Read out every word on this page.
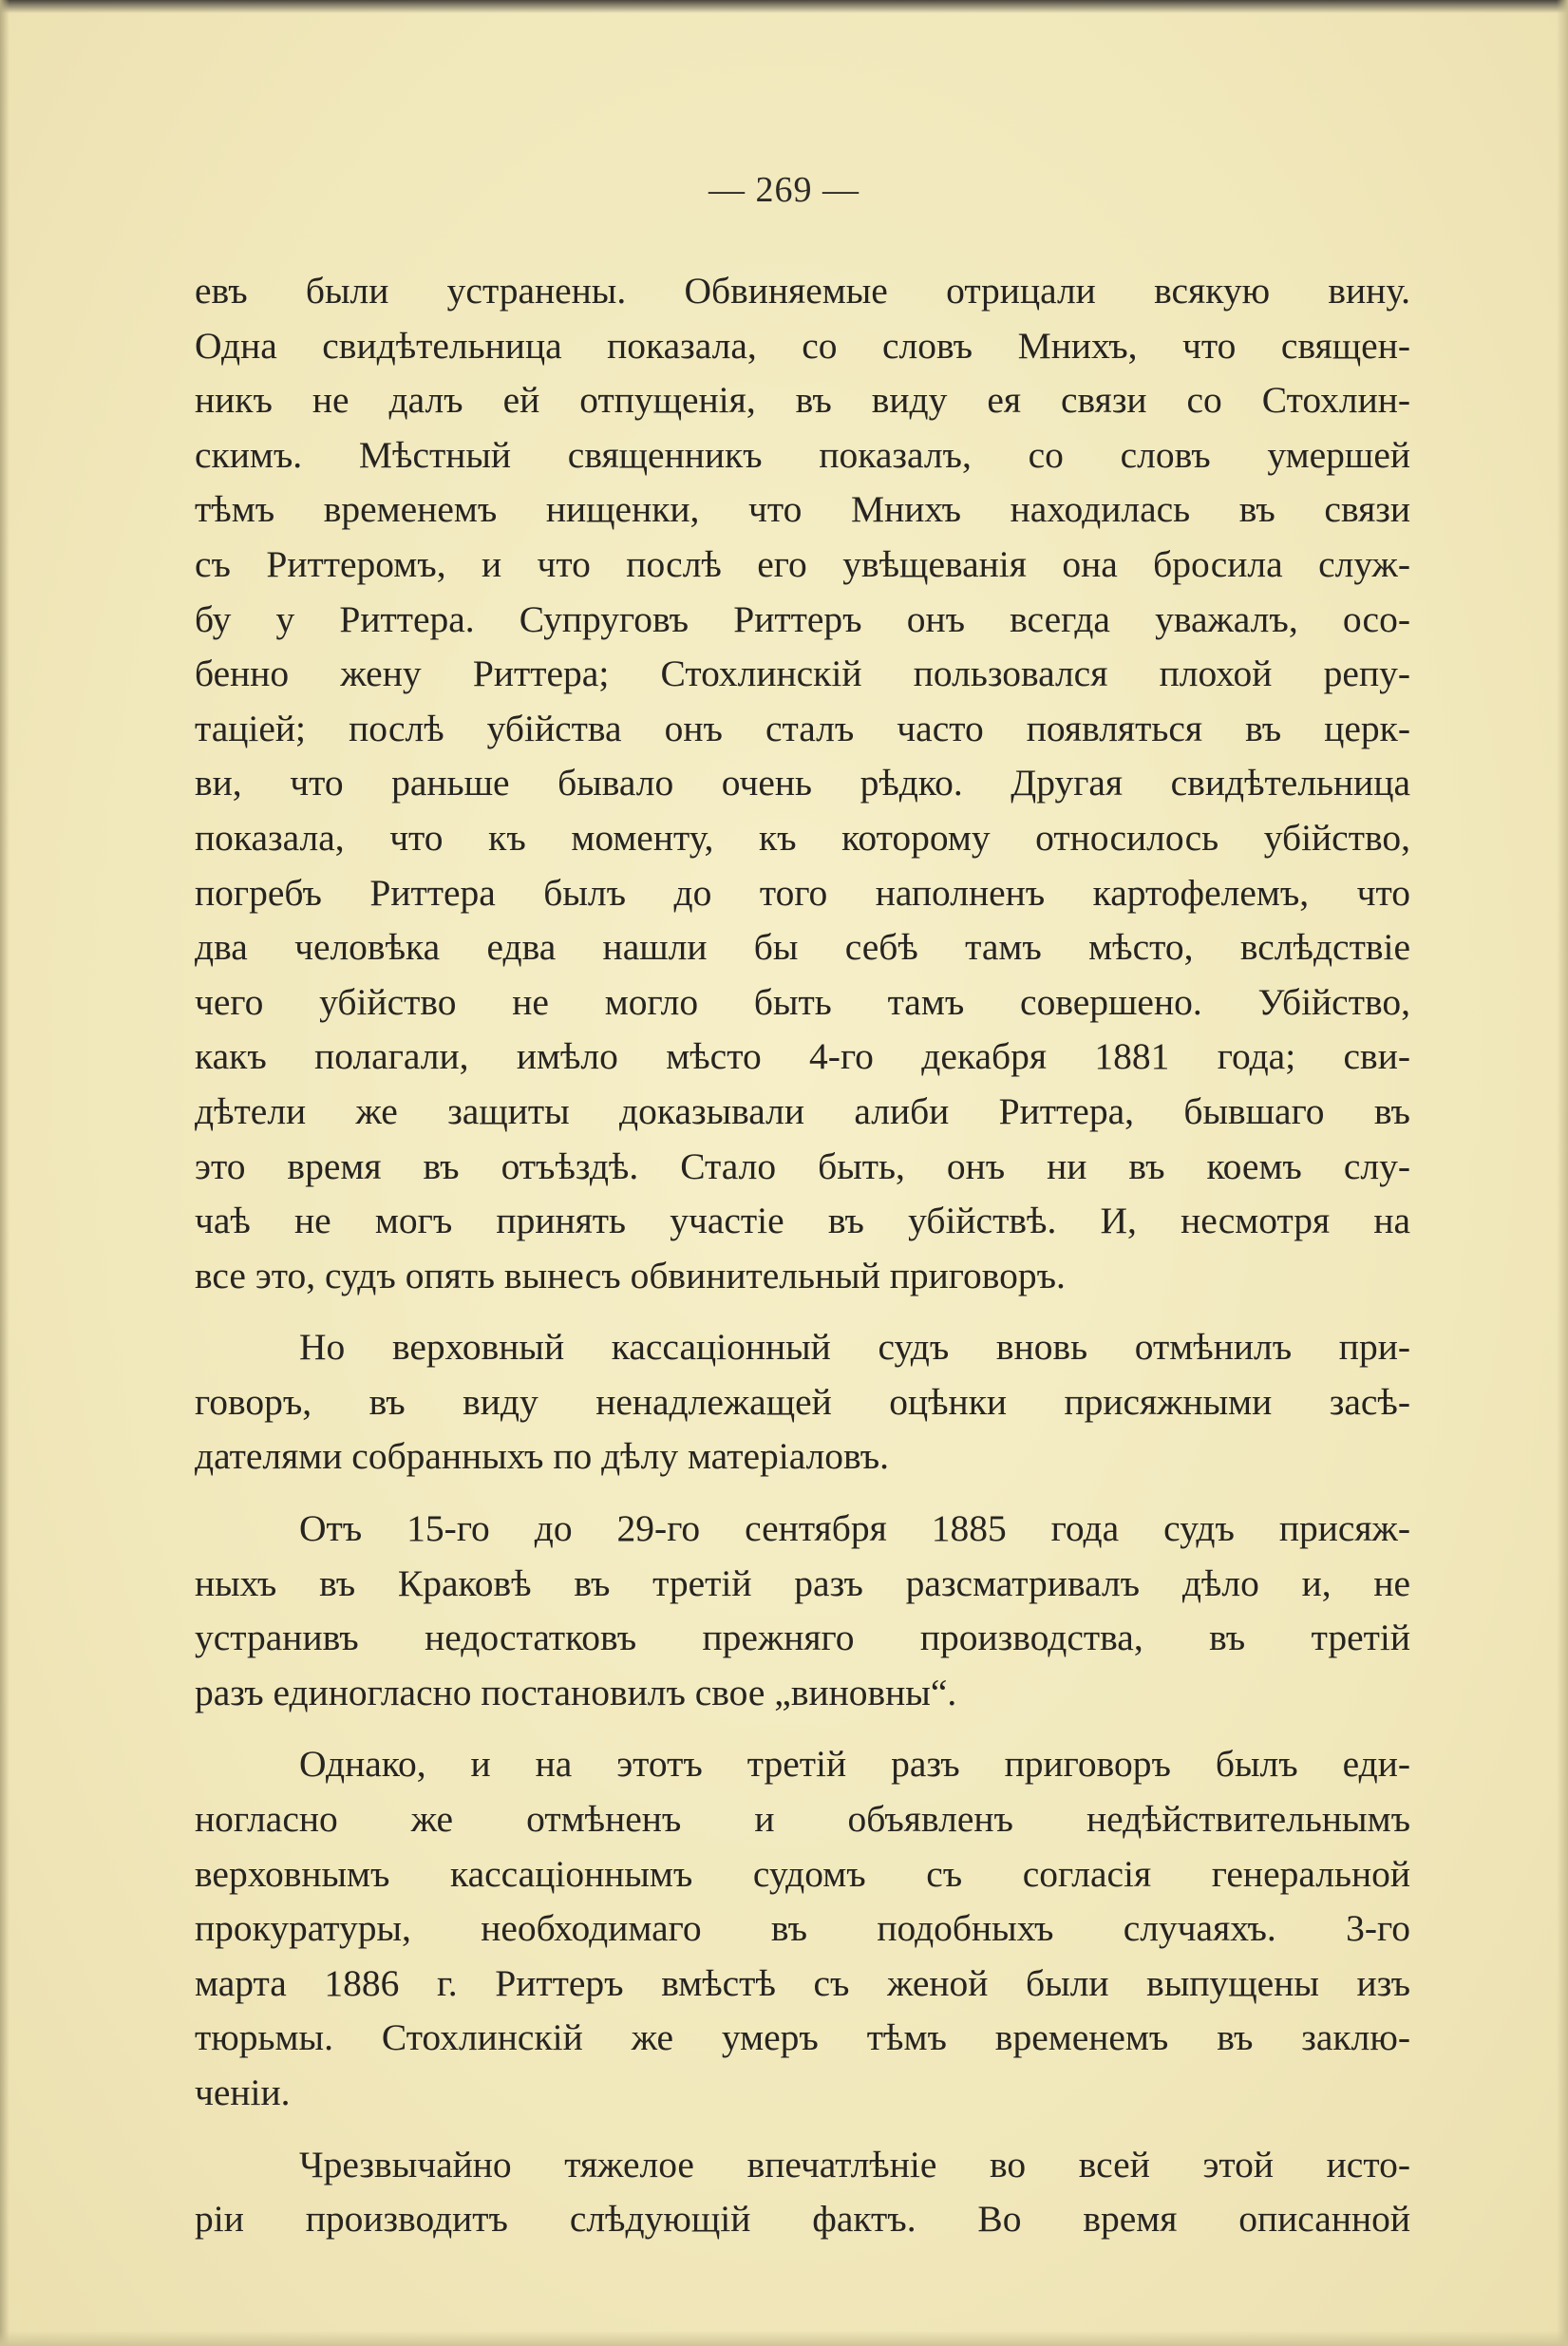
— 269 —
евъ были устранены. Обвиняемые отрицали всякую вину.
Одна свидѣтельница показала, со словъ Мнихъ, что священ-
никъ не далъ ей отпущенія, въ виду ея связи со Стохлин-
скимъ. Мѣстный священникъ показалъ, со словъ умершей
тѣмъ временемъ нищенки, что Мнихъ находилась въ связи
съ Риттеромъ, и что послѣ его увѣщеванія она бросила служ-
бу у Риттера. Супруговъ Риттеръ онъ всегда уважалъ, осо-
бенно жену Риттера; Стохлинскій пользовался плохой репу-
таціей; послѣ убійства онъ сталъ часто появляться въ церк-
ви, что раньше бывало очень рѣдко. Другая свидѣтельница
показала, что къ моменту, къ которому относилось убійство,
погребъ Риттера былъ до того наполненъ картофелемъ, что
два человѣка едва нашли бы себѣ тамъ мѣсто, вслѣдствіе
чего убійство не могло быть тамъ совершено. Убійство,
какъ полагали, имѣло мѣсто 4-го декабря 1881 года; сви-
дѣтели же защиты доказывали алиби Риттера, бывшаго въ
это время въ отъѣздѣ. Стало быть, онъ ни въ коемъ слу-
чаѣ не могъ принять участіе въ убійствѣ. И, несмотря на
все это, судъ опять вынесъ обвинительный приговоръ.
Но верховный кассаціонный судъ вновь отмѣнилъ при-
говоръ, въ виду ненадлежащей оцѣнки присяжными засѣ-
дателями собранныхъ по дѣлу матеріаловъ.
Отъ 15-го до 29-го сентября 1885 года судъ присяж-
ныхъ въ Краковѣ въ третій разъ разсматривалъ дѣло и, не
устранивъ недостатковъ прежняго производства, въ третій
разъ единогласно постановилъ свое „виновны“.
Однако, и на этотъ третій разъ приговоръ былъ еди-
ногласно же отмѣненъ и объявленъ недѣйствительнымъ
верховнымъ кассаціоннымъ судомъ съ согласія генеральной
прокуратуры, необходимаго въ подобныхъ случаяхъ. 3-го
марта 1886 г. Риттеръ вмѣстѣ съ женой были выпущены изъ
тюрьмы. Стохлинскій же умеръ тѣмъ временемъ въ заклю-
ченіи.
Чрезвычайно тяжелое впечатлѣніе во всей этой исто-
ріи производитъ слѣдующій фактъ. Во время описанной
